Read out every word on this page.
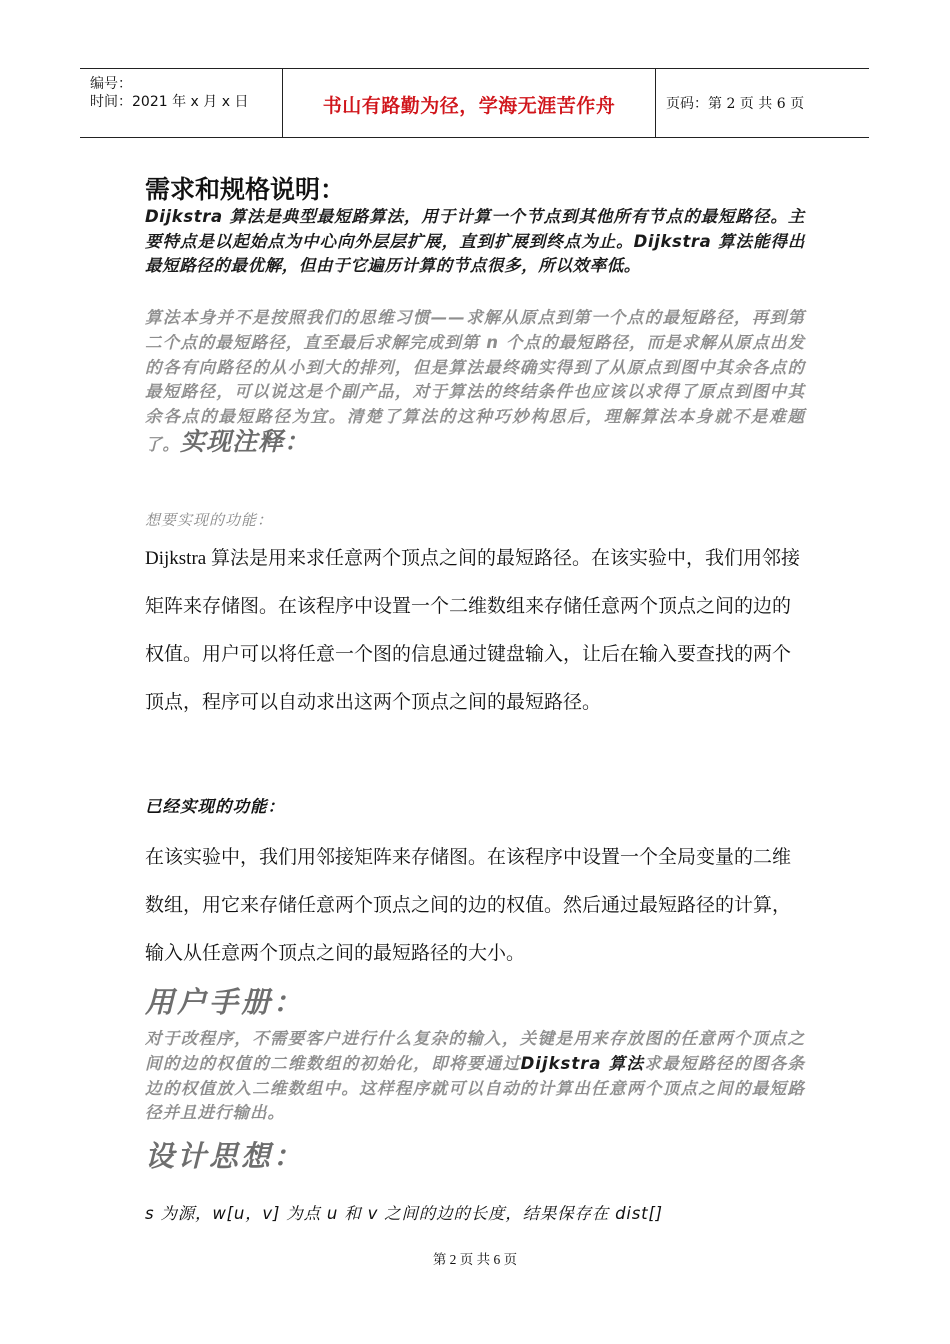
编号：
时间：2021 年 x 月 x 日	书山有路勤为径，学海无涯苦作舟	页码：第 2 页 共 6 页
需求和规格说明：
Dijkstra 算法是典型最短路算法，用于计算一个节点到其他所有节点的最短路径。主要特点是以起始点为中心向外层层扩展，直到扩展到终点为止。Dijkstra 算法能得出最短路径的最优解，但由于它遍历计算的节点很多，所以效率低。
算法本身并不是按照我们的思维习惯——求解从原点到第一个点的最短路径，再到第二个点的最短路径，直至最后求解完成到第 n 个点的最短路径，而是求解从原点出发的各有向路径的从小到大的排列，但是算法最终确实得到了从原点到图中其余各点的最短路径，可以说这是个副产品，对于算法的终结条件也应该以求得了原点到图中其余各点的最短路径为宜。清楚了算法的这种巧妙构思后，理解算法本身就不是难题了。实现注释：
想要实现的功能：
Dijkstra 算法是用来求任意两个顶点之间的最短路径。在该实验中，我们用邻接矩阵来存储图。在该程序中设置一个二维数组来存储任意两个顶点之间的边的权值。用户可以将任意一个图的信息通过键盘输入，让后在输入要查找的两个顶点，程序可以自动求出这两个顶点之间的最短路径。
已经实现的功能：
在该实验中，我们用邻接矩阵来存储图。在该程序中设置一个全局变量的二维数组，用它来存储任意两个顶点之间的边的权值。然后通过最短路径的计算，输入从任意两个顶点之间的最短路径的大小。
用户手册：
对于改程序，不需要客户进行什么复杂的输入，关键是用来存放图的任意两个顶点之间的边的权值的二维数组的初始化，即将要通过Dijkstra 算法求最短路径的图各条边的权值放入二维数组中。这样程序就可以自动的计算出任意两个顶点之间的最短路径并且进行输出。
设计思想：
s 为源，w[u，v] 为点 u 和 v 之间的边的长度，结果保存在 dist[]
第 2 页 共 6 页
